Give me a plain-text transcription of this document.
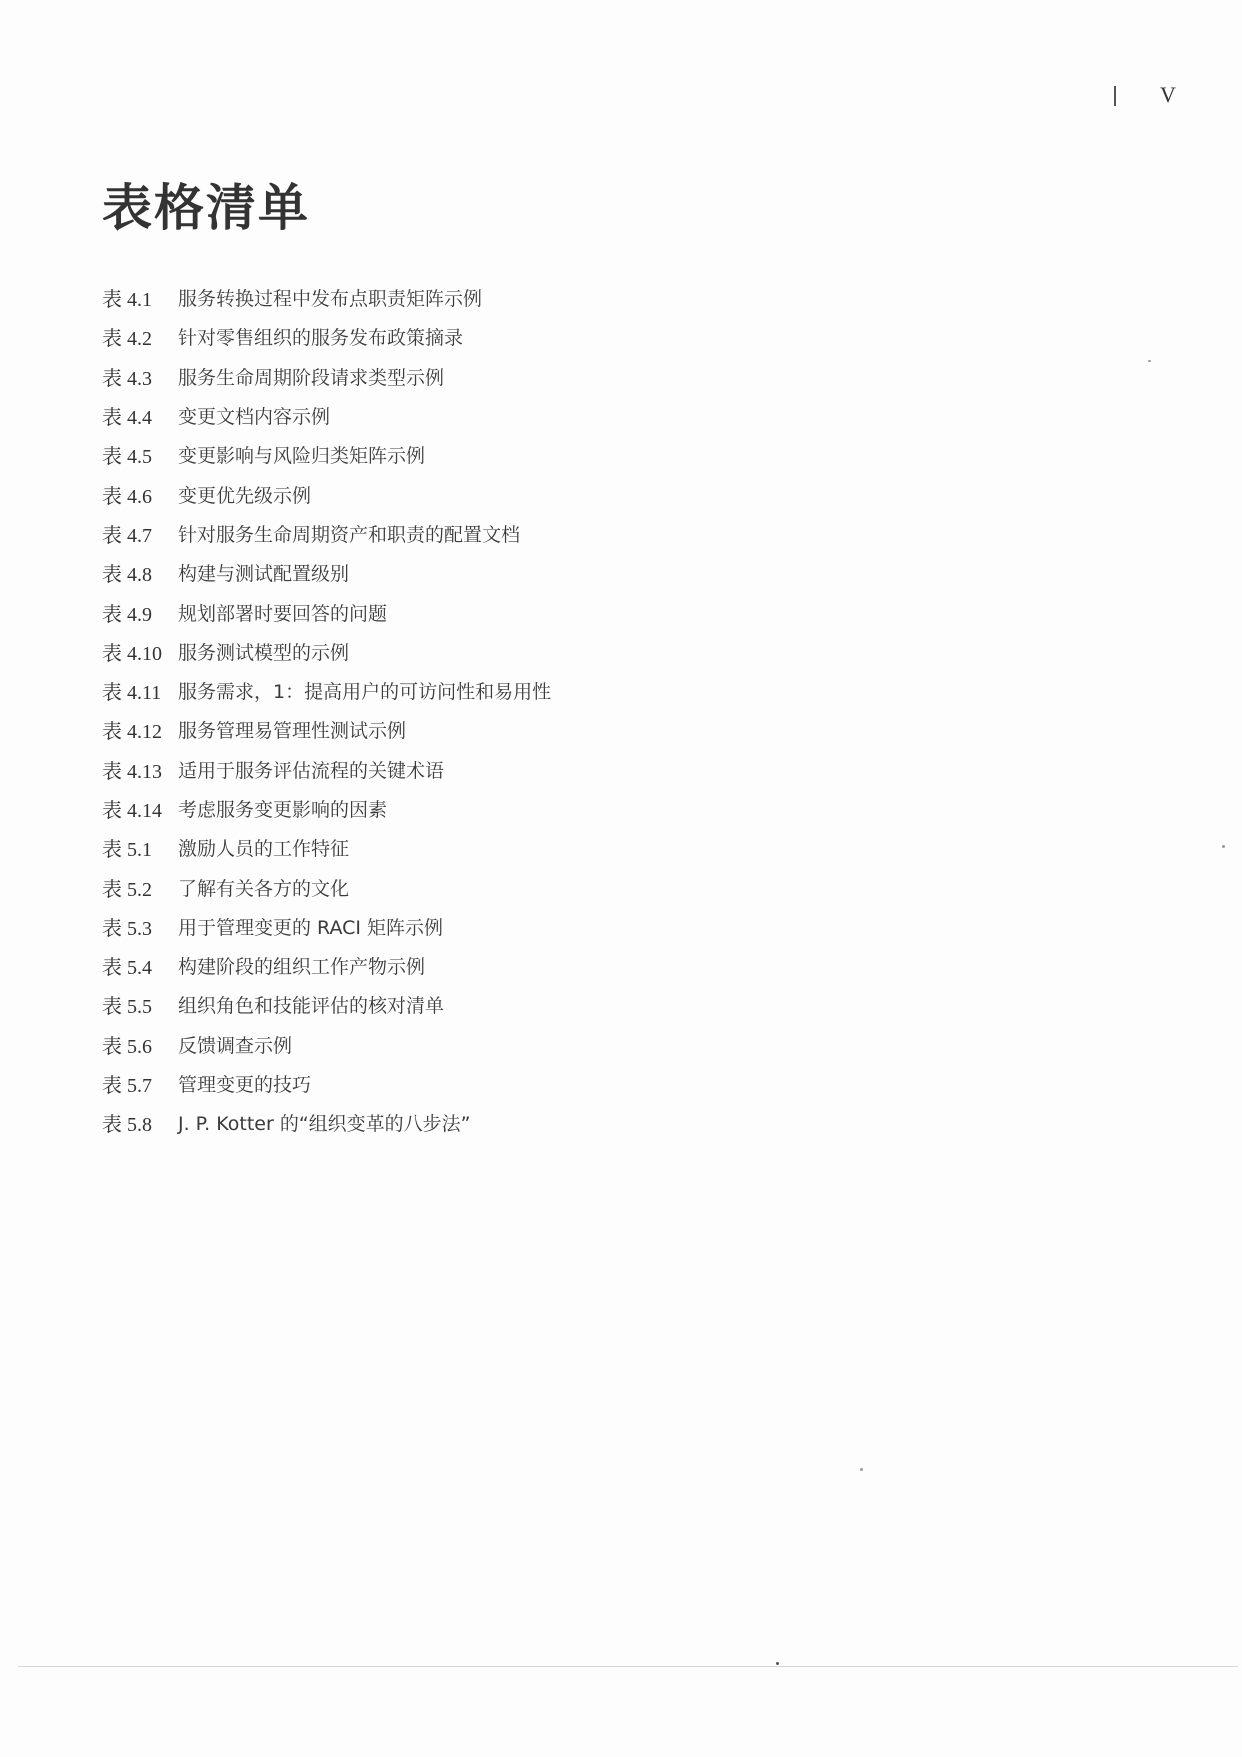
V
表格清单
表 4.1	服务转换过程中发布点职责矩阵示例
表 4.2	针对零售组织的服务发布政策摘录
表 4.3	服务生命周期阶段请求类型示例
表 4.4	变更文档内容示例
表 4.5	变更影响与风险归类矩阵示例
表 4.6	变更优先级示例
表 4.7	针对服务生命周期资产和职责的配置文档
表 4.8	构建与测试配置级别
表 4.9	规划部署时要回答的问题
表 4.10 服务测试模型的示例
表 4.11 服务需求，1：提高用户的可访问性和易用性
表 4.12 服务管理易管理性测试示例
表 4.13 适用于服务评估流程的关键术语
表 4.14 考虑服务变更影响的因素
表 5.1	激励人员的工作特征
表 5.2	了解有关各方的文化
表 5.3	用于管理变更的 RACI 矩阵示例
表 5.4	构建阶段的组织工作产物示例
表 5.5	组织角色和技能评估的核对清单
表 5.6	反馈调查示例
表 5.7	管理变更的技巧
表 5.8	J. P. Kotter 的“组织变革的八步法”
